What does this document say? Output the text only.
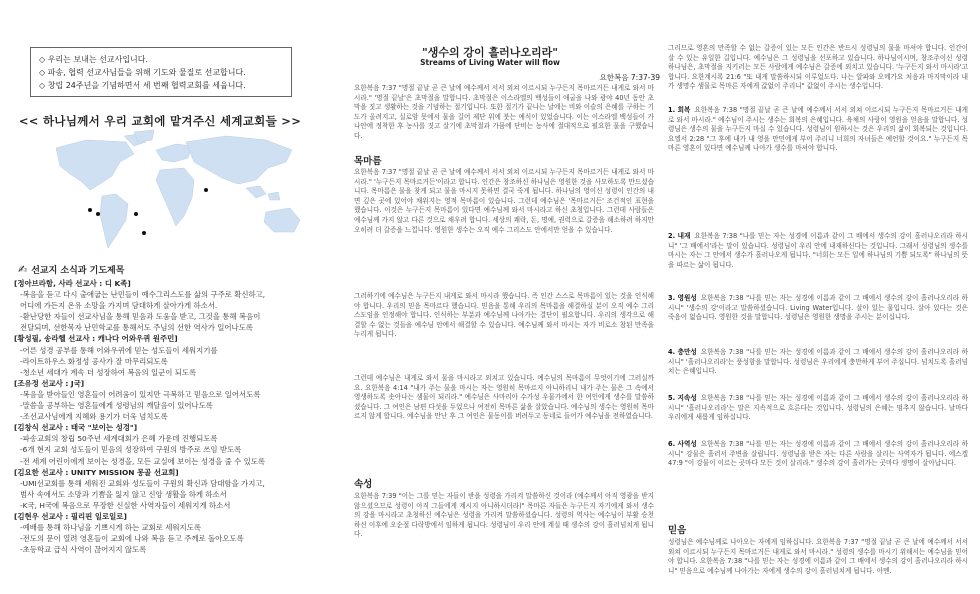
◇ 우리는 보내는 선교사입니다.
◇ 파송, 협력 선교사님들을 위해 기도와 물질로 선교합니다.
◇ 창립 24주년을 기념하면서 세 번째 협력교회를 세웁니다.
<< 하나님께서 우리 교회에 맡겨주신 세계교회들 >>
✍ 선교지 소식과 기도제목
[정아브라함, 사라 선교사 : 디 K족]
-복음을 듣고 다시 출애굽는 난민들이 예수그리스도를 삶의 구주로 확신하고,
어디에 가든지 온유 소망을 가지며 담대하게 살아가게 하소서.
-환난당한 자들이 선교사님을 통해 믿음과 도움을 받고, 그것을 통해 복음이
전달되며, 선한목자 난민학교를 통해서도 주님의 선한 역사가 일어나도록
[황성필, 송라헬 선교사 : 캐나다 어와우퀴 원주민]
-어른 성경 공부를 통해 어와우퀴에 믿는 성도들이 세워지기를
-라이트하우스 화정성 공사가 잘 마무리되도록
-청소년 세대가 계속 더 성장하여 복음의 일군이 되도록
[조유정 선교사 : J국]
-복음을 받아들인 영혼들이 어려움이 있지만 극복하고 믿음으로 일어서도록
-말씀을 공부하는 영혼들에게 성령님의 깨달음이 있어나도록
-조선교사님에게 지혜와 용기가 더욱 넘치도록
[김창식 선교사 : 태국 "보이는 성경"]
-파송교회의 창립 50주년 세계대회가 은혜 가운데 진행되도록
-6개 현지 교회 성도들이 믿음의 성장하여 구원의 방주로 쓰임 받도록
-전 세계 어린이에게 보이는 성경을, 모든 교실에 보이는 성경을 줄 수 있도록
[김요한 선교사 : UNITY MISSION 몽골 선교회]
-UMI선교회를 통해 세워진 교회와 성도들이 구원의 확신과 담대함을 가지고,
범사 속에서도 소망과 기쁨을 잃지 않고 신앙 생활을 하게 하소서
-K국, H국에 복음으로 무장한 신실한 사역자들이 세워지게 하소서
[김현우 선교사 : 필리핀 일로일로]
-예배를 통해 하나님을 기쁘시게 하는 교회로 세워지도록
-전도의 문이 열려 영혼들이 교회에 나와 복음 듣고 주께로 돌아오도록
-초등학교 급식 사역이 끊어지지 않도록
"생수의 강이 흘러나오리라"
Streams of Living Water will flow
요한복음 7:37-39
요한복음 7:37 "명절 끝날 곧 큰 날에 예수께서 서서 외쳐 이르시되 누구든지 목마르거든 내게로 와서 마시라." '명절 끝날'은 초막절을 말합니다. 초막절은 이스라엘의 백성들이 애굽을 나와 광야 40년 동안 초막을 짓고 생활하는 것을 기념하는 절기입니다. 또한 절기가 끝나는 날에는 비와 이슬의 은혜를 구하는 기도가 올려지고, 실로암 못에서 물을 길어 제단 위에 붓는 예식이 있었습니다. 이는 이스라엘 백성들이 가나안에 정착한 후 농사를 짓고 살기에 초막절과 가뭄에 단비는 농사에 절대적으로 필요한 물을 구했습니다.
목마름
요한복음 7:37 "명절 끝날 곧 큰 날에 예수께서 서서 외쳐 이르시되 누구든지 목마르거든 내게로 와서 마시라." '누구든지 목마르거든'이라고 합니다. 인간은 창조하신 하나님은 영원한 것을 사모하도록 만드셨습니다. 목마름은 물을 찾게 되고 물을 마시지 못하면 결국 죽게 됩니다. 하나님의 영이신 성령이 인간의 내면 깊은 곳에 있어야 채워지는 영적 목마름이 있습니다. 그런데 예수님은 '목마르거든' 조건적인 표현을 했습니다. 이것은 누구든지 목마름이 있다면 예수님께 와서 마시라고 하신 초청입니다. 그런데 사람들은 예수님께 가지 않고 다른 것으로 채우려 합니다. 세상의 쾌락, 돈, 명예, 권력으로 갈증을 해소하려 하지만 오히려 더 갈증을 느낍니다. 영원한 생수는 오직 예수 그리스도 안에서만 얻을 수 있습니다.
그러하기에 예수님은 누구든지 내게로 와서 마시라 했습니다. 즉 인간 스스로 목마름이 있는 것을 인식해야 합니다. 우리의 믿음 목마르다 했습니다. 믿음을 통해 우리의 목마름을 해결하실 분이 오직 예수 그리스도임을 인정해야 합니다. 인식하는 부분과 예수님께 나아가는 결단이 필요합니다. 우리의 생각으로 해결할 수 없는 것들을 예수님 안에서 해결할 수 있습니다. 예수님께 와서 마시는 자가 비로소 참된 만족을 누리게 됩니다.
그런데 예수님은 내게로 와서 물을 마시라고 외치고 있습니다. 예수님의 목마름이 무엇이기에 그러실까요. 요한복음 4:14 "내가 주는 물을 마시는 자는 영원히 목마르지 아니하리니 내가 주는 물은 그 속에서 영생하도록 솟아나는 샘물이 되리라." 예수님은 사마리아 수가성 우물가에서 한 여인에게 생수를 말씀하셨습니다. 그 여인은 남편 다섯을 두었으나 여전히 목마른 삶을 살았습니다. 예수님의 생수는 영원히 목마르지 않게 합니다. 예수님을 만난 후 그 여인은 물동이를 버려두고 동네로 들어가 예수님을 전하였습니다.
속성
요한복음 7:39 "이는 그를 믿는 자들이 받을 성령을 가리켜 말씀하신 것이라 (예수께서 아직 영광을 받지 않으셨으므로 성령이 아직 그들에게 계시지 아니하시더라)" 목마른 자들은 누구든지 자기에게 와서 생수의 강을 마시라고 초청하신 예수님은 성령을 가리켜 말씀하셨습니다. 성령의 역사는 예수님이 부활 승천하신 이후에 오순절 다락방에서 임하게 됩니다. 성령님이 우리 안에 계실 때 생수의 강이 흘러넘치게 됩니다.
그리므로 영혼의 만족할 수 없는 갈증이 있는 모든 인간은 반드시 성령님의 물을 마셔야 합니다. 인간이 살 수 있는 유일한 길입니다. 예수님은 그 성령님을 선포하고 있습니다. 하나님이시며, 창조주이신 성령 하나님은, 초막절을 지키러는 모든 사람에게 예수님은 갈증에 외치고 있습니다. '누구든지 와서 마시라'고 합니다. 요한계시록 21:6 "또 내게 말씀하시되 이루었도다. 나는 알파와 오메가요 처음과 마지막이라 내가 생명수 샘물로 목마른 자에게 값없이 주리니" 값없이 주시는 생수입니다.
1. 회복 요한복음 7:38 "명절 끝날 곧 큰 날에 예수께서 서서 외쳐 이르시되 누구든지 목마르거든 내게로 와서 마시라." 예수님이 주시는 생수는 회복의 은혜입니다. 육체의 사랑이 영원을 얻음을 말합니다. 성령님은 생수의 물을 누구든지 마실 수 있습니다. 성령님이 원하시는 것은 우리의 삶이 회복되는 것입니다. 요엘서 2:28 "그 후에 내가 내 영을 만민에게 부어 주리니 너희의 자녀들은 예언할 것이요." 누구든지 목마른 영혼이 있다면 예수님께 나아가 생수를 마셔야 합니다.
2. 내재 요한복음 7:38 "나를 믿는 자는 성경에 이름과 같이 그 배에서 생수의 강이 흘러나오리라 하시니" '그 배에서'라는 말이 있습니다. 성령님이 우리 안에 내재하신다는 것입니다. 그래서 성령님의 생수를 마시는 자는 그 안에서 생수가 흘러나오게 됩니다. "너희는 모든 일에 하나님의 기쁨 되도록" 하나님의 뜻을 따르는 삶이 됩니다.
3. 영원성 요한복음 7:38 "나를 믿는 자는 성경에 이름과 같이 그 배에서 생수의 강이 흘러나오리라 하시니" '생수의 강'이라고 말씀하셨습니다. Living Water입니다. 살아 있는 물입니다. 살아 있다는 것은 죽음이 없습니다. 영원한 것을 말합니다. 성령님은 영원한 생명을 주시는 분이십니다.
4. 충만성 요한복음 7:38 "나를 믿는 자는 성경에 이름과 같이 그 배에서 생수의 강이 흘러나오리라 하시니" '흘러나오리라'는 풍성함을 말합니다. 성령님은 우리에게 충만하게 부어 주십니다. 넘치도록 흘러넘치는 은혜입니다.
5. 지속성 요한복음 7:38 "나를 믿는 자는 성경에 이름과 같이 그 배에서 생수의 강이 흘러나오리라 하시니" '흘러나오리라'는 말은 지속적으로 흐른다는 것입니다. 성령님의 은혜는 멈추지 않습니다. 날마다 우리에게 새롭게 임하십니다.
6. 사역성 요한복음 7:38 "나를 믿는 자는 성경에 이름과 같이 그 배에서 생수의 강이 흘러나오리라 하시니" 강물은 흘러서 주변을 살립니다. 성령님을 받은 자는 다른 사람을 살리는 사역자가 됩니다. 에스겔 47:9 "이 강물이 이르는 곳마다 모든 것이 살리라." 생수의 강이 흘러가는 곳마다 생명이 살아납니다.
믿음
성령님은 예수님께로 나아오는 자에게 임하십니다. 요한복음 7:37 "명절 끝날 곧 큰 날에 예수께서 서서 외쳐 이르시되 누구든지 목마르거든 내게로 와서 마시라." 성령의 생수를 마시기 위해서는 예수님을 믿어야 합니다. 요한복음 7:38 "나를 믿는 자는 성경에 이름과 같이 그 배에서 생수의 강이 흘러나오리라 하시니" 믿음으로 예수님께 나아가는 자에게 생수의 강이 흘러넘치게 됩니다. 아멘.
